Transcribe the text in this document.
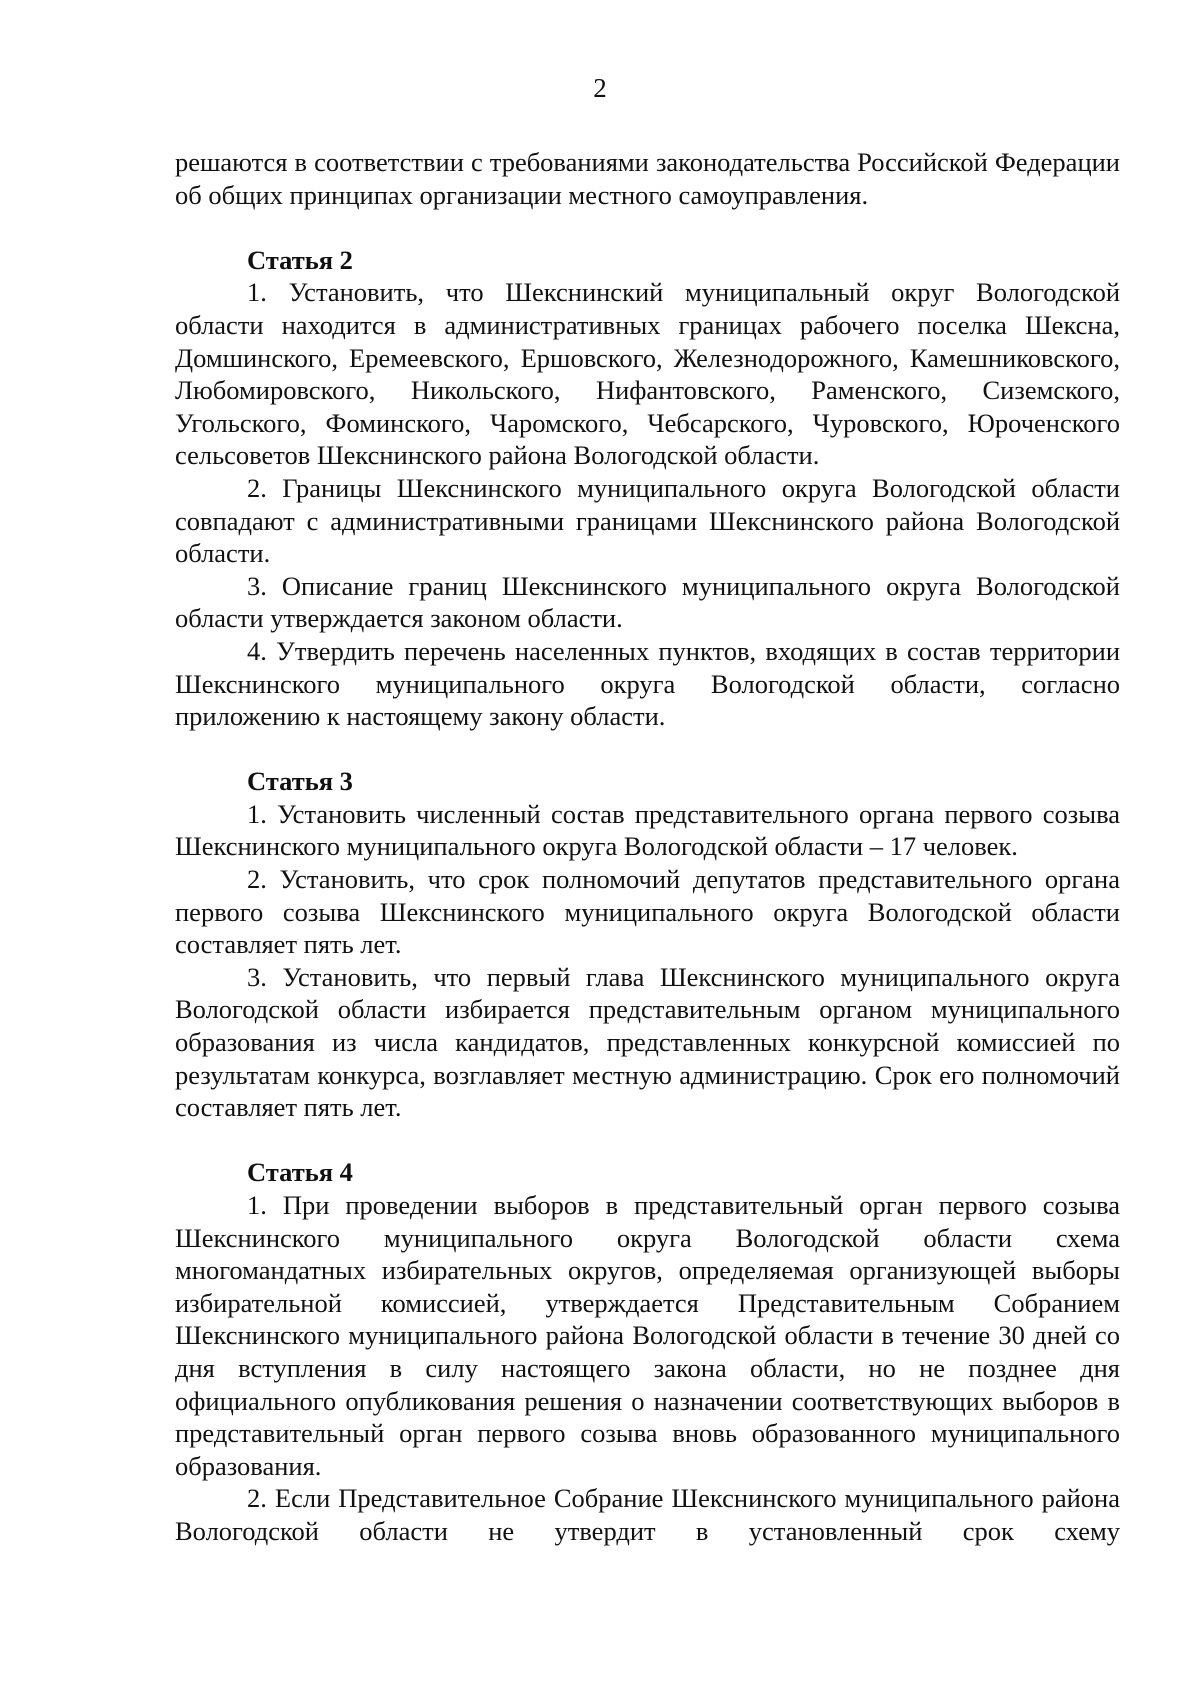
2

решаются в соответствии с требованиями законодательства Российской Федерации об общих принципах организации местного самоуправления.

Статья 2

1. Установить, что Шекснинский муниципальный округ Вологодской области находится в административных границах рабочего поселка Шексна, Домшинского, Еремеевского, Ершовского, Железнодорожного, Камешниковского, Любомировского, Никольского, Нифантовского, Раменского, Сиземского, Угольского, Фоминского, Чаромского, Чебсарского, Чуровского, Юроченского сельсоветов Шекснинского района Вологодской области.

2. Границы Шекснинского муниципального округа Вологодской области совпадают с административными границами Шекснинского района Вологодской области.

3. Описание границ Шекснинского муниципального округа Вологодской области утверждается законом области.

4. Утвердить перечень населенных пунктов, входящих в состав территории Шекснинского муниципального округа Вологодской области, согласно приложению к настоящему закону области.

Статья 3

1. Установить численный состав представительного органа первого созыва Шекснинского муниципального округа Вологодской области – 17 человек.

2. Установить, что срок полномочий депутатов представительного органа первого созыва Шекснинского муниципального округа Вологодской области составляет пять лет.

3. Установить, что первый глава Шекснинского муниципального округа Вологодской области избирается представительным органом муниципального образования из числа кандидатов, представленных конкурсной комиссией по результатам конкурса, возглавляет местную администрацию. Срок его полномочий составляет пять лет.

Статья 4

1. При проведении выборов в представительный орган первого созыва Шекснинского муниципального округа Вологодской области схема многомандатных избирательных округов, определяемая организующей выборы избирательной комиссией, утверждается Представительным Собранием Шекснинского муниципального района Вологодской области в течение 30 дней со дня вступления в силу настоящего закона области, но не позднее дня официального опубликования решения о назначении соответствующих выборов в представительный орган первого созыва вновь образованного муниципального образования.

2. Если Представительное Собрание Шекснинского муниципального района Вологодской области не утвердит в установленный срок схему
